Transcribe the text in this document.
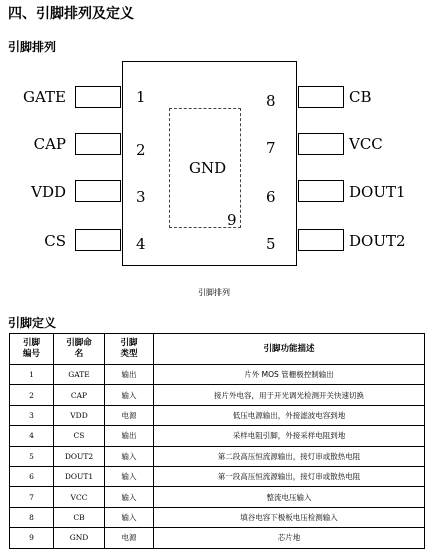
四、引脚排列及定义
引脚排列
GND
9
GATE
CAP
VDD
CS
1
2
3
4
CB
VCC
DOUT1
DOUT2
8
7
6
5
引脚排列
引脚定义
引脚编号	引脚命名	引脚类型	引脚功能描述
1	GATE	输出	片外 MOS 管栅极控制输出
2	CAP	输入	接片外电容，用于开光调光检测开关快速切换
3	VDD	电源	低压电源输出，外接滤波电容到地
4	CS	输出	采样电阻引脚，外接采样电阻到地
5	DOUT2	输入	第二段高压恒流源输出，接灯串或散热电阻
6	DOUT1	输入	第一段高压恒流源输出，接灯串或散热电阻
7	VCC	输入	整流电压输入
8	CB	输入	填谷电容下极板电压检测输入
9	GND	电源	芯片地
